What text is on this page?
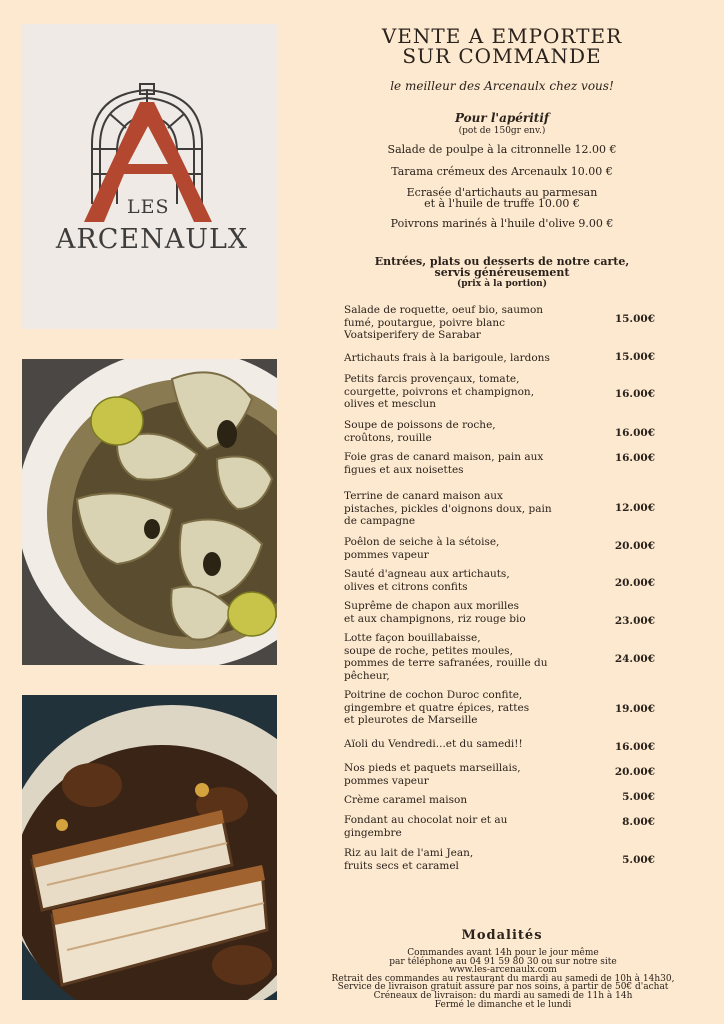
LES
ARCENAULX
VENTE A EMPORTER
SUR COMMANDE
le meilleur des Arcenaulx chez vous!
Pour l'apéritif
(pot de 150gr env.)
Salade de poulpe à la citronnelle 12.00 €
Tarama crémeux des Arcenaulx 10.00 €
Ecrasée d'artichauts au parmesan
et à l'huile de truffe 10.00 €
Poivrons marinés à l'huile d'olive 9.00 €
Entrées, plats ou desserts de notre carte,
servis généreusement
(prix à la portion)
Salade de roquette, oeuf bio, saumon
fumé, poutargue, poivre blanc
Voatsiperifery de Sarabar
15.00€
Artichauts frais à la barigoule, lardons	15.00€
Petits farcis provençaux, tomate,
courgette, poivrons et champignon,
olives et mesclun
16.00€
Soupe de poissons de roche,
croûtons, rouille	16.00€
Foie gras de canard maison, pain aux
figues et aux noisettes
16.00€
Terrine de canard maison aux
pistaches, pickles d'oignons doux, pain
de campagne
12.00€
Poêlon de seiche à la sétoise,
pommes vapeur
20.00€
Sauté d'agneau aux artichauts,
olives et citrons confits	20.00€
Suprême de chapon aux morilles
et aux champignons, riz rouge bio	23.00€
Lotte façon bouillabaisse,
soupe de roche, petites moules,
pommes de terre safranées, rouille du
pêcheur,
24.00€
Poitrine de cochon Duroc confite,
gingembre et quatre épices, rattes
et pleurotes de Marseille
19.00€
Aïoli du Vendredi...et du samedi!!	16.00€
Nos pieds et paquets marseillais,
pommes vapeur
20.00€
Crème caramel maison	5.00€
Fondant au chocolat noir et au
gingembre
8.00€
Riz au lait de l'ami Jean,
fruits secs et caramel	5.00€
Modalités
Commandes avant 14h pour le jour même
par téléphone au 04 91 59 80 30 ou sur notre site
www.les-arcenaulx.com
Retrait des commandes au restaurant du mardi au samedi de 10h à 14h30,
Service de livraison gratuit assuré par nos soins, à partir de 50€ d'achat
Créneaux de livraison: du mardi au samedi de 11h à 14h
Fermé le dimanche et le lundi
